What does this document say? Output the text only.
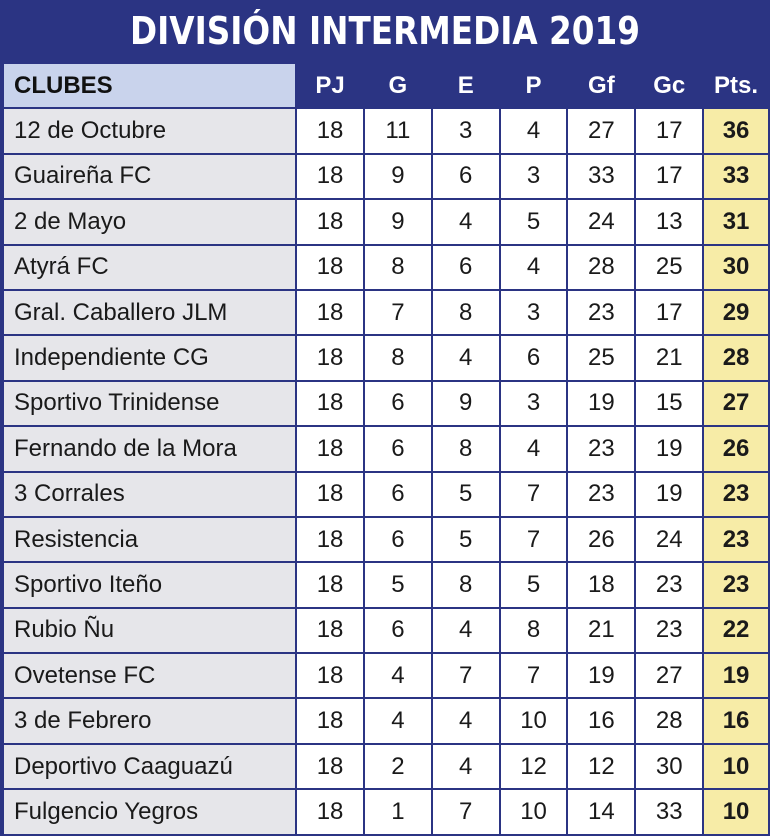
DIVISIÓN INTERMEDIA 2019
CLUBES	PJ	G	E	P	Gf	Gc	Pts.
12 de Octubre	18	11	3	4	27	17	36
Guaireña FC	18	9	6	3	33	17	33
2 de Mayo	18	9	4	5	24	13	31
Atyrá FC	18	8	6	4	28	25	30
Gral. Caballero JLM	18	7	8	3	23	17	29
Independiente CG	18	8	4	6	25	21	28
Sportivo Trinidense	18	6	9	3	19	15	27
Fernando de la Mora	18	6	8	4	23	19	26
3 Corrales	18	6	5	7	23	19	23
Resistencia	18	6	5	7	26	24	23
Sportivo Iteño	18	5	8	5	18	23	23
Rubio Ñu	18	6	4	8	21	23	22
Ovetense FC	18	4	7	7	19	27	19
3 de Febrero	18	4	4	10	16	28	16
Deportivo Caaguazú	18	2	4	12	12	30	10
Fulgencio Yegros	18	1	7	10	14	33	10
